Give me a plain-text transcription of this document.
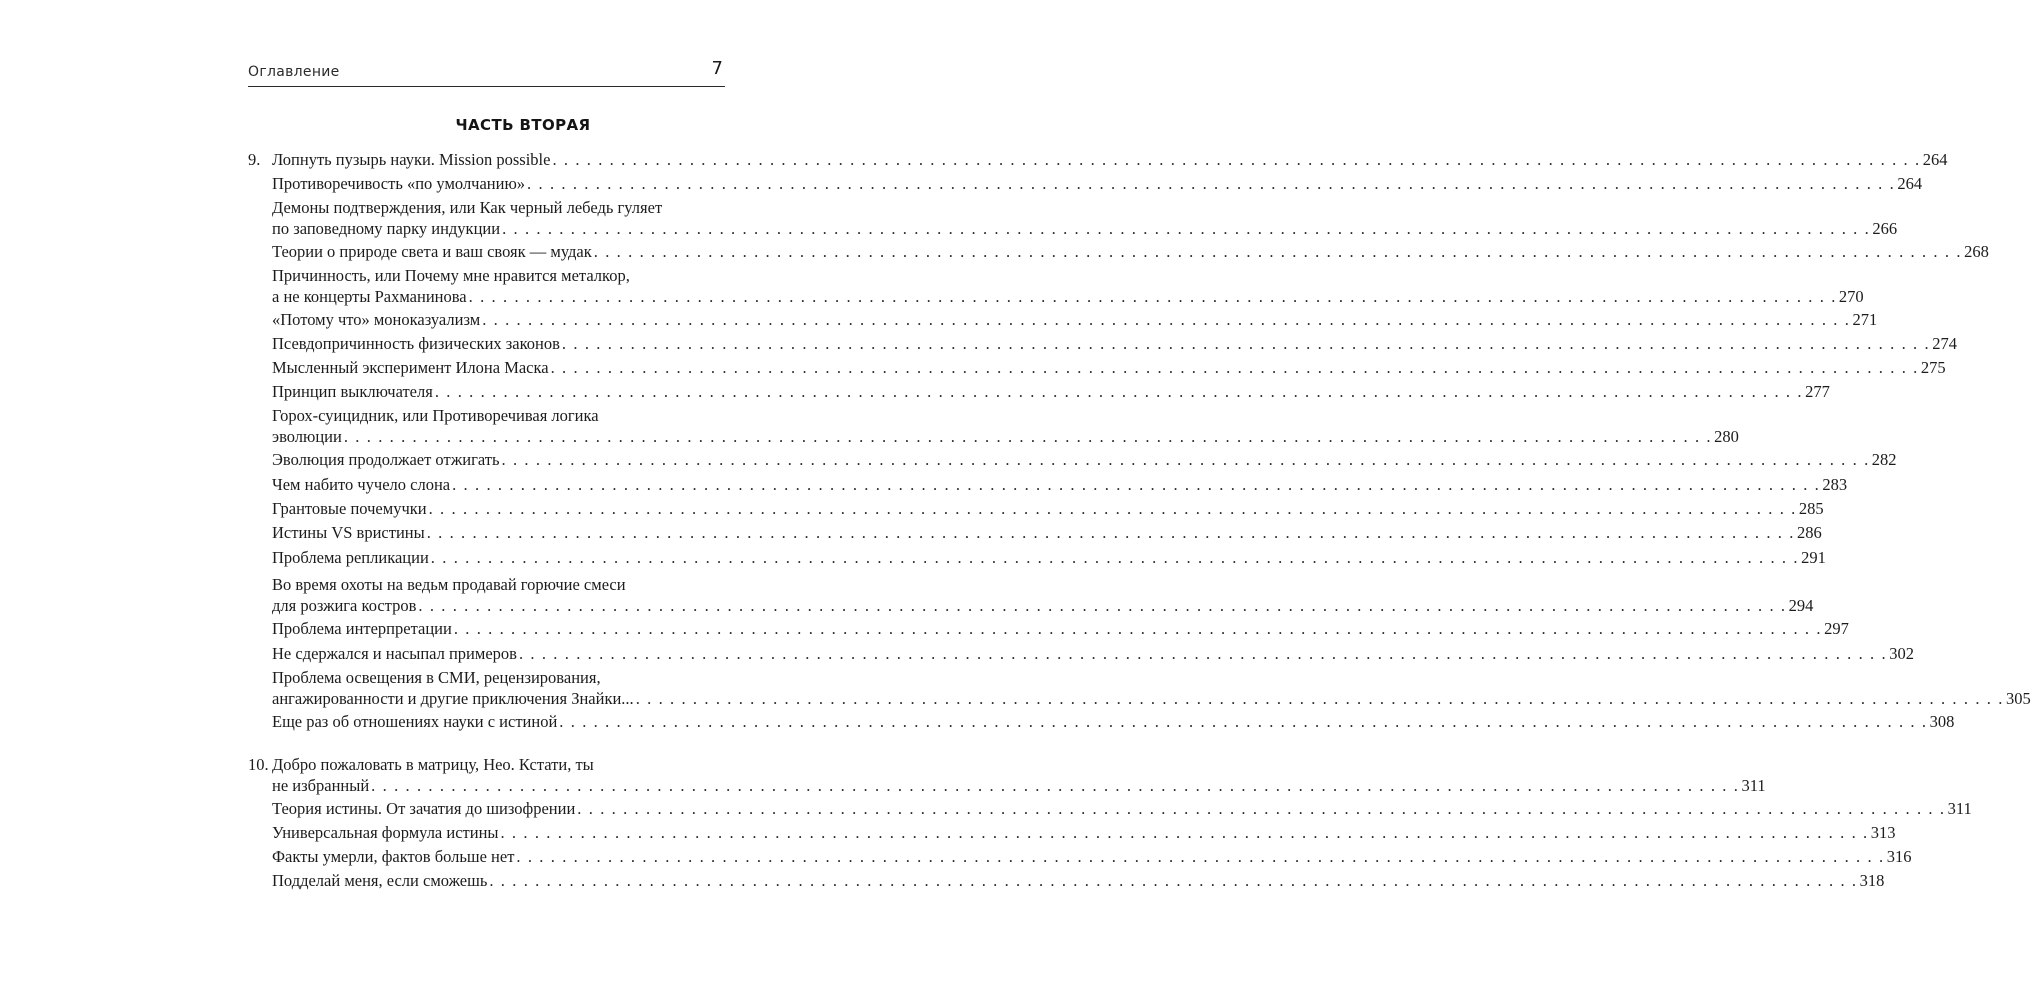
Оглавление	7
ЧАСТЬ ВТОРАЯ
9. Лопнуть пузырь науки. Mission possible . . . . . . . . . . . . . . . . . . . . . . . . . . . . . . . . . . . . . . . . . . . . . . . . . . . . . . . . . . . . . . . . . . . . . . . . . . . . . . . . . . . . . . . . . . . . . . . . . . . . . . . . . . . . . . . . . . . . . . . . 264
Противоречивость «по умолчанию» . . . . . . . . . . . . . . . . . . . . . . . . . . . . . . . . . . . . . . . . . . . . . . . . . . . . . . . . . . . . . . . . . . . . . . . . . . . . . . . . . . . . . . . . . . . . . . . . . . . . . . . . . . . . . . . . . . . . . . . . 264
Демоны подтверждения, или Как черный лебедь гуляет
по заповедному парку индукции . . . . . . . . . . . . . . . . . . . . . . . . . . . . . . . . . . . . . . . . . . . . . . . . . . . . . . . . . . . . . . . . . . . . . . . . . . . . . . . . . . . . . . . . . . . . . . . . . . . . . . . . . . . . . . . . . . . . . . . . 266
Теории о природе света и ваш свояк — мудак . . . . . . . . . . . . . . . . . . . . . . . . . . . . . . . . . . . . . . . . . . . . . . . . . . . . . . . . . . . . . . . . . . . . . . . . . . . . . . . . . . . . . . . . . . . . . . . . . . . . . . . . . . . . . . . . . . . . . . . . 268
Причинность, или Почему мне нравится металкор,
а не концерты Рахманинова . . . . . . . . . . . . . . . . . . . . . . . . . . . . . . . . . . . . . . . . . . . . . . . . . . . . . . . . . . . . . . . . . . . . . . . . . . . . . . . . . . . . . . . . . . . . . . . . . . . . . . . . . . . . . . . . . . . . . . . . 270
«Потому что» моноказуализм . . . . . . . . . . . . . . . . . . . . . . . . . . . . . . . . . . . . . . . . . . . . . . . . . . . . . . . . . . . . . . . . . . . . . . . . . . . . . . . . . . . . . . . . . . . . . . . . . . . . . . . . . . . . . . . . . . . . . . . . 271
Псевдопричинность физических законов . . . . . . . . . . . . . . . . . . . . . . . . . . . . . . . . . . . . . . . . . . . . . . . . . . . . . . . . . . . . . . . . . . . . . . . . . . . . . . . . . . . . . . . . . . . . . . . . . . . . . . . . . . . . . . . . . . . . . . . . 274
Мысленный эксперимент Илона Маска . . . . . . . . . . . . . . . . . . . . . . . . . . . . . . . . . . . . . . . . . . . . . . . . . . . . . . . . . . . . . . . . . . . . . . . . . . . . . . . . . . . . . . . . . . . . . . . . . . . . . . . . . . . . . . . . . . . . . . . . 275
Принцип выключателя . . . . . . . . . . . . . . . . . . . . . . . . . . . . . . . . . . . . . . . . . . . . . . . . . . . . . . . . . . . . . . . . . . . . . . . . . . . . . . . . . . . . . . . . . . . . . . . . . . . . . . . . . . . . . . . . . . . . . . . . 277
Горох-суицидник, или Противоречивая логика
эволюции . . . . . . . . . . . . . . . . . . . . . . . . . . . . . . . . . . . . . . . . . . . . . . . . . . . . . . . . . . . . . . . . . . . . . . . . . . . . . . . . . . . . . . . . . . . . . . . . . . . . . . . . . . . . . . . . . . . . . . . . 280
Эволюция продолжает отжигать . . . . . . . . . . . . . . . . . . . . . . . . . . . . . . . . . . . . . . . . . . . . . . . . . . . . . . . . . . . . . . . . . . . . . . . . . . . . . . . . . . . . . . . . . . . . . . . . . . . . . . . . . . . . . . . . . . . . . . . . 282
Чем набито чучело слона . . . . . . . . . . . . . . . . . . . . . . . . . . . . . . . . . . . . . . . . . . . . . . . . . . . . . . . . . . . . . . . . . . . . . . . . . . . . . . . . . . . . . . . . . . . . . . . . . . . . . . . . . . . . . . . . . . . . . . . . 283
Грантовые почемучки . . . . . . . . . . . . . . . . . . . . . . . . . . . . . . . . . . . . . . . . . . . . . . . . . . . . . . . . . . . . . . . . . . . . . . . . . . . . . . . . . . . . . . . . . . . . . . . . . . . . . . . . . . . . . . . . . . . . . . . . 285
Истины VS вристины . . . . . . . . . . . . . . . . . . . . . . . . . . . . . . . . . . . . . . . . . . . . . . . . . . . . . . . . . . . . . . . . . . . . . . . . . . . . . . . . . . . . . . . . . . . . . . . . . . . . . . . . . . . . . . . . . . . . . . . . 286
Проблема репликации . . . . . . . . . . . . . . . . . . . . . . . . . . . . . . . . . . . . . . . . . . . . . . . . . . . . . . . . . . . . . . . . . . . . . . . . . . . . . . . . . . . . . . . . . . . . . . . . . . . . . . . . . . . . . . . . . . . . . . . . 291
Во время охоты на ведьм продавай горючие смеси
для розжига костров . . . . . . . . . . . . . . . . . . . . . . . . . . . . . . . . . . . . . . . . . . . . . . . . . . . . . . . . . . . . . . . . . . . . . . . . . . . . . . . . . . . . . . . . . . . . . . . . . . . . . . . . . . . . . . . . . . . . . . . . 294
Проблема интерпретации . . . . . . . . . . . . . . . . . . . . . . . . . . . . . . . . . . . . . . . . . . . . . . . . . . . . . . . . . . . . . . . . . . . . . . . . . . . . . . . . . . . . . . . . . . . . . . . . . . . . . . . . . . . . . . . . . . . . . . . . 297
Не сдержался и насыпал примеров . . . . . . . . . . . . . . . . . . . . . . . . . . . . . . . . . . . . . . . . . . . . . . . . . . . . . . . . . . . . . . . . . . . . . . . . . . . . . . . . . . . . . . . . . . . . . . . . . . . . . . . . . . . . . . . . . . . . . . . . 302
Проблема освещения в СМИ, рецензирования,
ангажированности и другие приключения Знайки... . . . . . . . . . . . . . . . . . . . . . . . . . . . . . . . . . . . . . . . . . . . . . . . . . . . . . . . . . . . . . . . . . . . . . . . . . . . . . . . . . . . . . . . . . . . . . . . . . . . . . . . . . . . . . . . . . . . . . . . . 305
Еще раз об отношениях науки с истиной . . . . . . . . . . . . . . . . . . . . . . . . . . . . . . . . . . . . . . . . . . . . . . . . . . . . . . . . . . . . . . . . . . . . . . . . . . . . . . . . . . . . . . . . . . . . . . . . . . . . . . . . . . . . . . . . . . . . . . . . 308
10. Добро пожаловать в матрицу, Нео. Кстати, ты
не избранный . . . . . . . . . . . . . . . . . . . . . . . . . . . . . . . . . . . . . . . . . . . . . . . . . . . . . . . . . . . . . . . . . . . . . . . . . . . . . . . . . . . . . . . . . . . . . . . . . . . . . . . . . . . . . . . . . . . . . . . . 311
Теория истины. От зачатия до шизофрении . . . . . . . . . . . . . . . . . . . . . . . . . . . . . . . . . . . . . . . . . . . . . . . . . . . . . . . . . . . . . . . . . . . . . . . . . . . . . . . . . . . . . . . . . . . . . . . . . . . . . . . . . . . . . . . . . . . . . . . . 311
Универсальная формула истины . . . . . . . . . . . . . . . . . . . . . . . . . . . . . . . . . . . . . . . . . . . . . . . . . . . . . . . . . . . . . . . . . . . . . . . . . . . . . . . . . . . . . . . . . . . . . . . . . . . . . . . . . . . . . . . . . . . . . . . . 313
Факты умерли, фактов больше нет . . . . . . . . . . . . . . . . . . . . . . . . . . . . . . . . . . . . . . . . . . . . . . . . . . . . . . . . . . . . . . . . . . . . . . . . . . . . . . . . . . . . . . . . . . . . . . . . . . . . . . . . . . . . . . . . . . . . . . . . 316
Подделай меня, если сможешь . . . . . . . . . . . . . . . . . . . . . . . . . . . . . . . . . . . . . . . . . . . . . . . . . . . . . . . . . . . . . . . . . . . . . . . . . . . . . . . . . . . . . . . . . . . . . . . . . . . . . . . . . . . . . . . . . . . . . . . . 318
